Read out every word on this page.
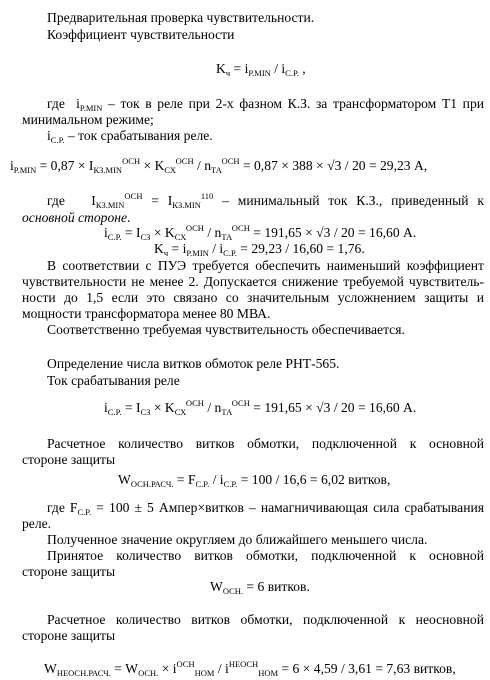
Предварительная проверка чувствительности.
Коэффициент чувствительности
$K_ч = i_{P.MIN} / i_{C.P.}$ ,
где  $i_{P.MIN}$ – ток в реле при 2-х фазном К.З. за трансформатором Т1 при
минимальном режиме;
$i_{C.P.}$ – ток срабатывания реле.
$i_{P.MIN} = 0,87 \times I_{КЗ.MIN}^{ОСН} \times K_{СХ}^{ОСН} / n_{ТА}^{ОСН} = 0,87 \times 388 \times √3 / 20 = 29,23$ А,
где   $I_{КЗ.MIN}^{ОСН} = I_{КЗ.MIN}^{110}$ – минимальный ток К.З., приведенный к
основной стороне.
$i_{C.P.} = I_{СЗ} \times K_{СХ}^{ОСН} / n_{ТА}^{ОСН} = 191,65 \times √3 / 20 = 16,60$ А.
$K_ч = i_{P.MIN} / i_{C.P.} = 29,23 / 16,60 = 1,76$.
В соответствии с ПУЭ требуется обеспечить наименьший коэффициент
чувствительности не менее 2. Допускается снижение требуемой чувствитель-
ности до 1,5 если это связано со значительным усложнением защиты и
мощности трансформатора менее 80 МВА.
Соответственно требуемая чувствительность обеспечивается.
Определение числа витков обмоток реле РНТ-565.
Ток срабатывания реле
$i_{C.P.} = I_{СЗ} \times K_{СХ}^{ОСН} / n_{ТА}^{ОСН} = 191,65 \times √3 / 20 = 16,60$ А.
Расчетное количество витков обмотки, подключенной к основной
стороне защиты
$W_{ОСН.РАСЧ.} = F_{C.P.} / i_{C.P.} = 100 / 16,6 = 6,02$ витков,
где $F_{C.P.} = 100 \pm 5$ Ампер×витков – намагничивающая сила срабатывания
реле.
Полученное значение округляем до ближайшего меньшего числа.
Принятое количество витков обмотки, подключенной к основной
стороне защиты
$W_{ОСН.} = 6$ витков.
Расчетное количество витков обмотки, подключенной к неосновной
стороне защиты
$W_{НЕОСН.РАСЧ.} = W_{ОСН.} \times i^{ОСН}_{HOM} / i^{НЕОСН}_{HOM} = 6 \times 4,59 / 3,61 = 7,63$ витков,
